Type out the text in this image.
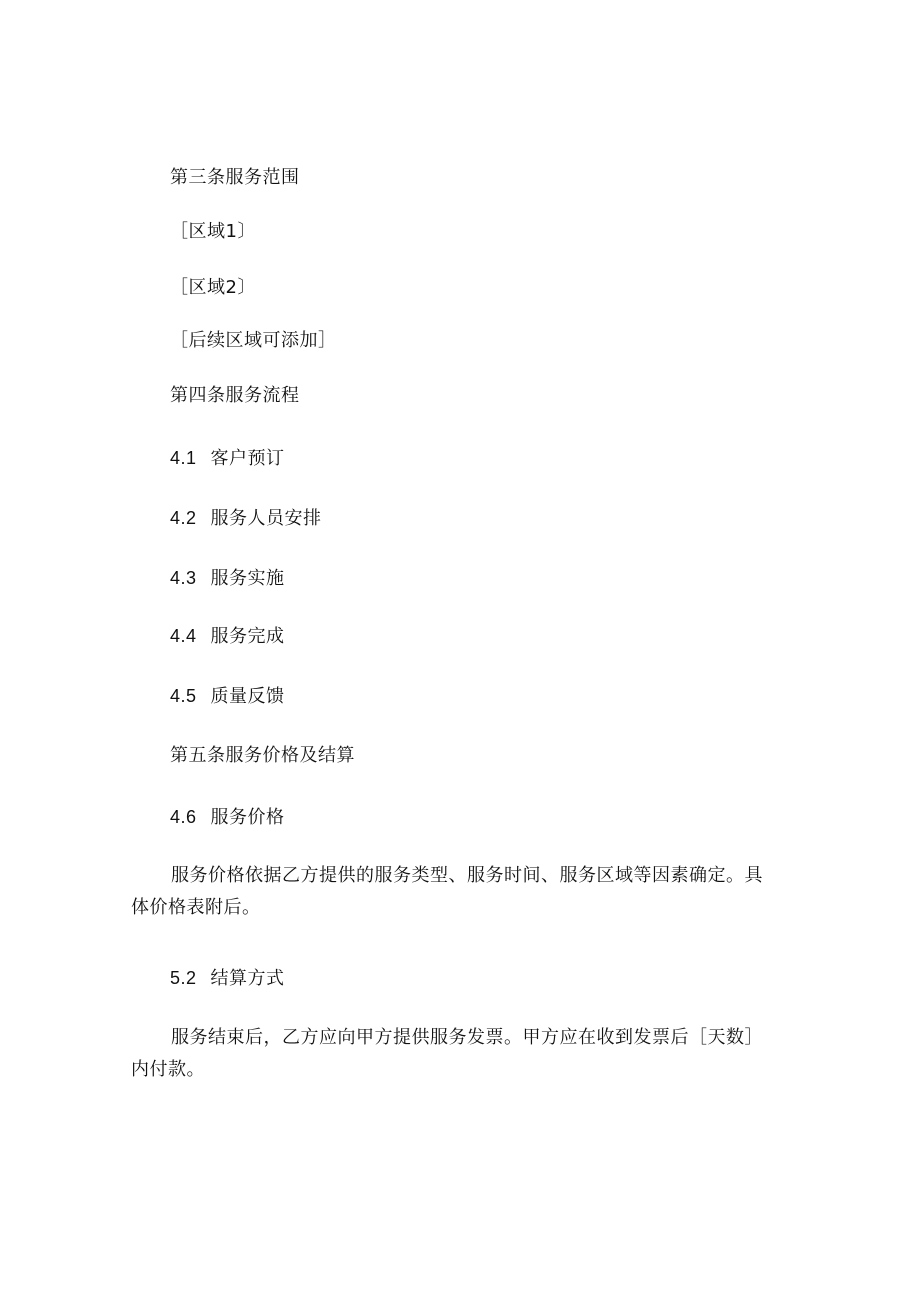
第三条服务范围
［区域1〕
［区域2〕
［后续区域可添加］
第四条服务流程
4.1 客户预订
4.2 服务人员安排
4.3 服务实施
4.4 服务完成
4.5 质量反馈
第五条服务价格及结算
4.6 服务价格
服务价格依据乙方提供的服务类型、服务时间、服务区域等因素确定。具
体价格表附后。
5.2 结算方式
服务结束后，乙方应向甲方提供服务发票。甲方应在收到发票后［天数］
内付款。
